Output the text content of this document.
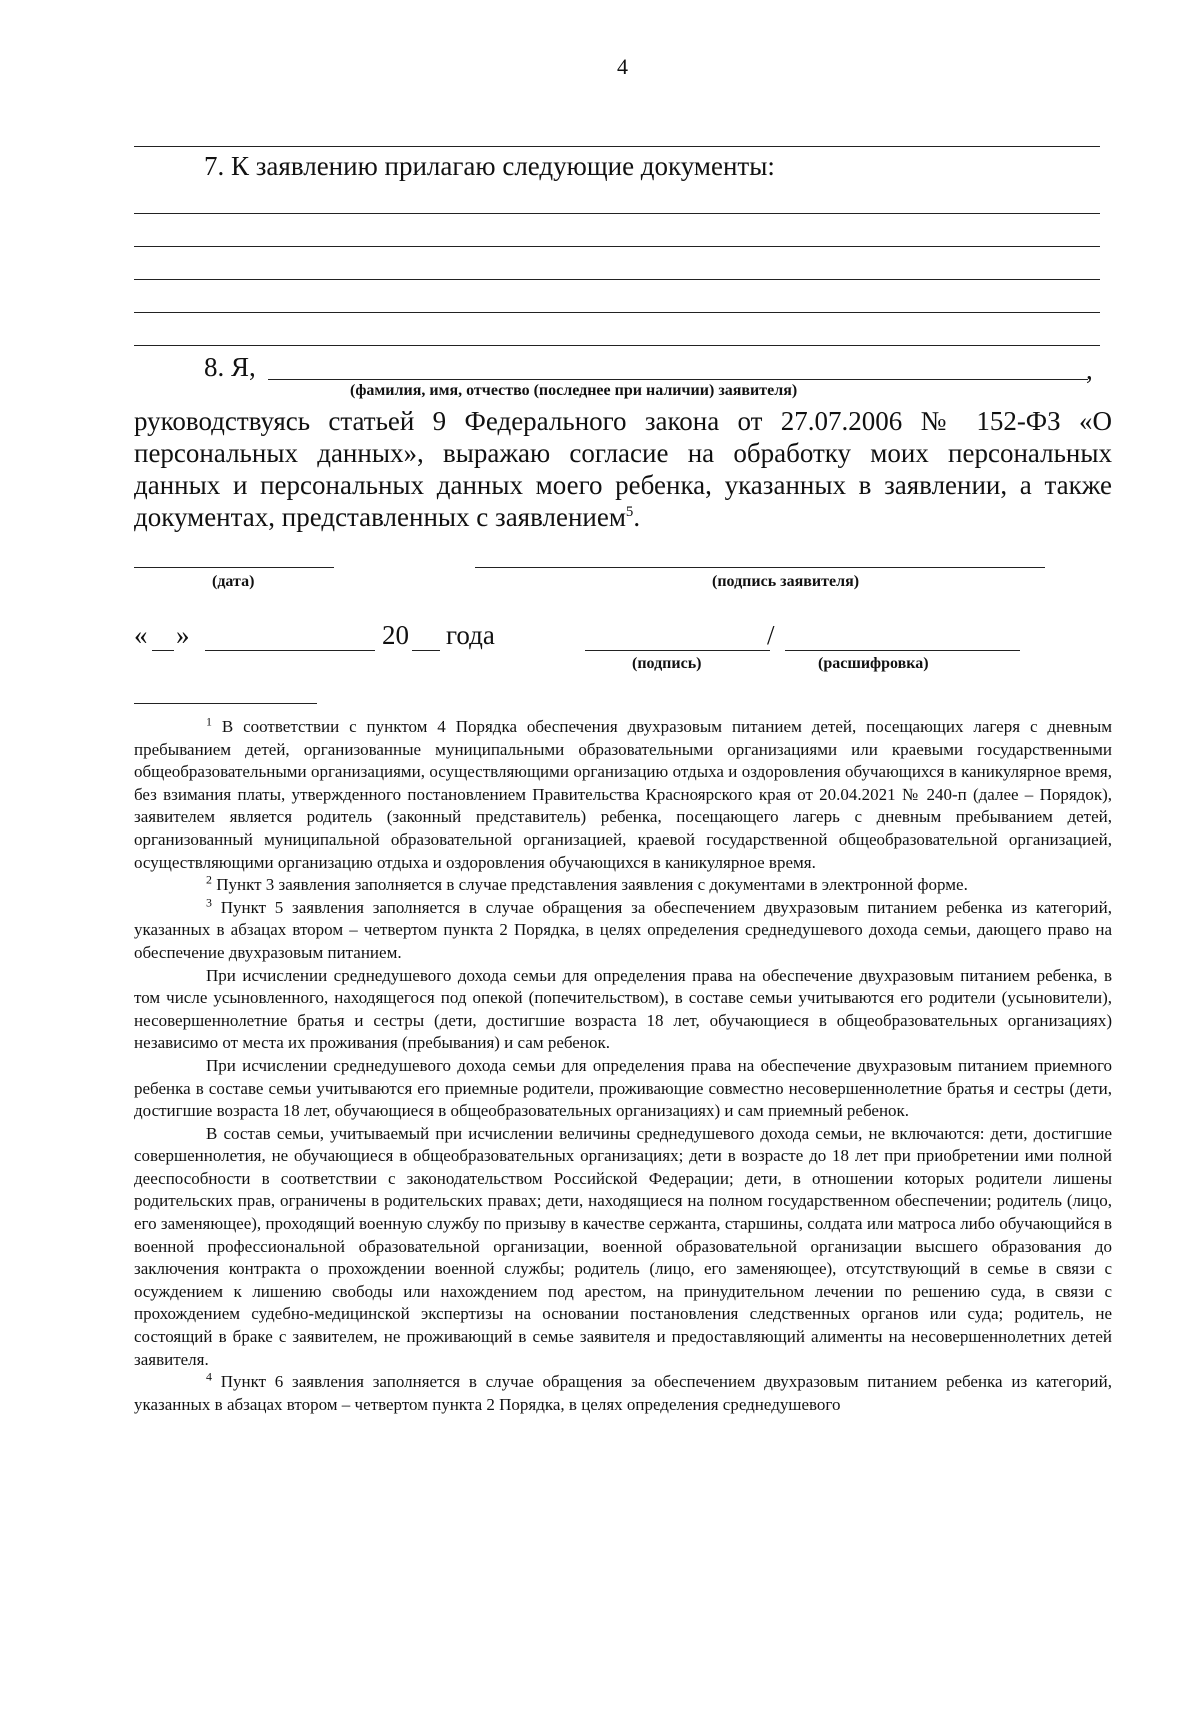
4
7. К заявлению прилагаю следующие документы:
8. Я,	,
(фамилия, имя, отчество (последнее при наличии) заявителя)
руководствуясь статьей 9 Федерального закона от 27.07.2006 № 152-ФЗ «О персональных данных», выражаю согласие на обработку моих персональных данных и персональных данных моего ребенка, указанных в заявлении, а также документах, представленных с заявлением$^5$.
(дата)	(подпись заявителя)
« »	20 года	/
(подпись)	(расшифровка)

$^1$ В соответствии с пунктом 4 Порядка обеспечения двухразовым питанием детей, посещающих лагеря с дневным пребыванием детей, организованные муниципальными образовательными организациями или краевыми государственными общеобразовательными организациями, осуществляющими организацию отдыха и оздоровления обучающихся в каникулярное время, без взимания платы, утвержденного постановлением Правительства Красноярского края от 20.04.2021 № 240-п (далее – Порядок), заявителем является родитель (законный представитель) ребенка, посещающего лагерь с дневным пребыванием детей, организованный муниципальной образовательной организацией, краевой государственной общеобразовательной организацией, осуществляющими организацию отдыха и оздоровления обучающихся в каникулярное время.

$^2$ Пункт 3 заявления заполняется в случае представления заявления с документами в электронной форме.

$^3$ Пункт 5 заявления заполняется в случае обращения за обеспечением двухразовым питанием ребенка из категорий, указанных в абзацах втором – четвертом пункта 2 Порядка, в целях определения среднедушевого дохода семьи, дающего право на обеспечение двухразовым питанием.

При исчислении среднедушевого дохода семьи для определения права на обеспечение двухразовым питанием ребенка, в том числе усыновленного, находящегося под опекой (попечительством), в составе семьи учитываются его родители (усыновители), несовершеннолетние братья и сестры (дети, достигшие возраста 18 лет, обучающиеся в общеобразовательных организациях) независимо от места их проживания (пребывания) и сам ребенок.

При исчислении среднедушевого дохода семьи для определения права на обеспечение двухразовым питанием приемного ребенка в составе семьи учитываются его приемные родители, проживающие совместно несовершеннолетние братья и сестры (дети, достигшие возраста 18 лет, обучающиеся в общеобразовательных организациях) и сам приемный ребенок.

В состав семьи, учитываемый при исчислении величины среднедушевого дохода семьи, не включаются: дети, достигшие совершеннолетия, не обучающиеся в общеобразовательных организациях; дети в возрасте до 18 лет при приобретении ими полной дееспособности в соответствии с законодательством Российской Федерации; дети, в отношении которых родители лишены родительских прав, ограничены в родительских правах; дети, находящиеся на полном государственном обеспечении; родитель (лицо, его заменяющее), проходящий военную службу по призыву в качестве сержанта, старшины, солдата или матроса либо обучающийся в военной профессиональной образовательной организации, военной образовательной организации высшего образования до заключения контракта о прохождении военной службы; родитель (лицо, его заменяющее), отсутствующий в семье в связи с осуждением к лишению свободы или нахождением под арестом, на принудительном лечении по решению суда, в связи с прохождением судебно-медицинской экспертизы на основании постановления следственных органов или суда; родитель, не состоящий в браке с заявителем, не проживающий в семье заявителя и предоставляющий алименты на несовершеннолетних детей заявителя.

$^4$ Пункт 6 заявления заполняется в случае обращения за обеспечением двухразовым питанием ребенка из категорий, указанных в абзацах втором – четвертом пункта 2 Порядка, в целях определения среднедушевого
